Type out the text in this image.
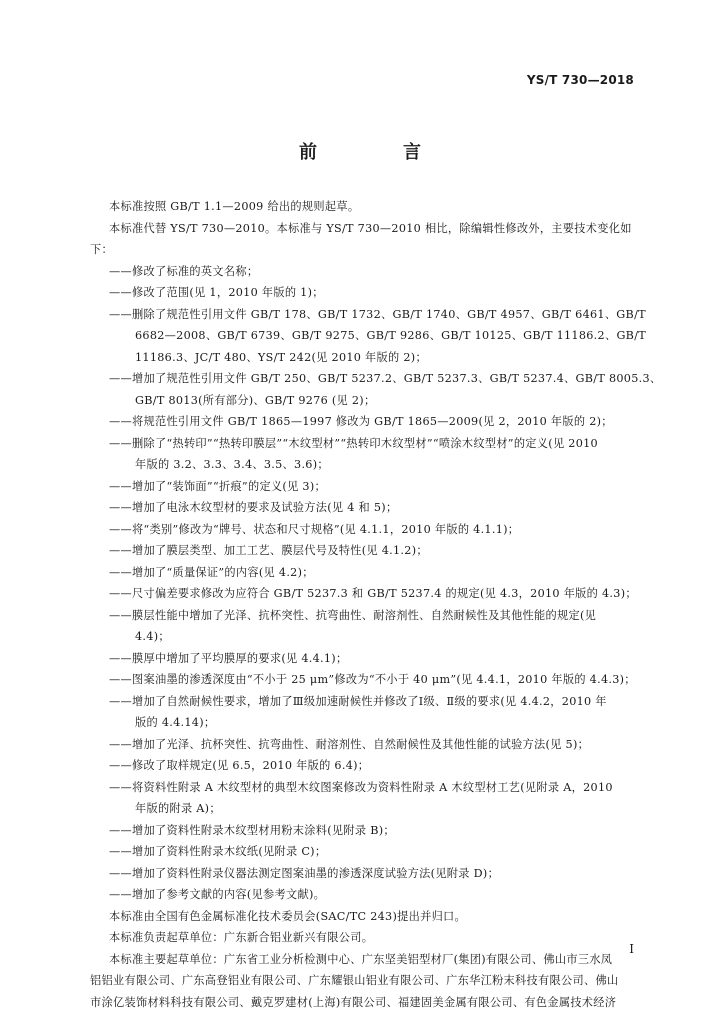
YS/T 730—2018
前　言
本标准按照 GB/T 1.1—2009 给出的规则起草。
本标准代替 YS/T 730—2010。本标准与 YS/T 730—2010 相比，除编辑性修改外，主要技术变化如
下：
——修改了标准的英文名称；
——修改了范围(见 1，2010 年版的 1)；
——删除了规范性引用文件 GB/T 178、GB/T 1732、GB/T 1740、GB/T 4957、GB/T 6461、GB/T
6682—2008、GB/T 6739、GB/T 9275、GB/T 9286、GB/T 10125、GB/T 11186.2、GB/T
11186.3、JC/T 480、YS/T 242(见 2010 年版的 2)；
——增加了规范性引用文件 GB/T 250、GB/T 5237.2、GB/T 5237.3、GB/T 5237.4、GB/T 8005.3、
GB/T 8013(所有部分)、GB/T 9276 (见 2)；
——将规范性引用文件 GB/T 1865—1997 修改为 GB/T 1865—2009(见 2，2010 年版的 2)；
——删除了“热转印”“热转印膜层”“木纹型材”“热转印木纹型材”“喷涂木纹型材”的定义(见 2010
年版的 3.2、3.3、3.4、3.5、3.6)；
——增加了“装饰面”“折痕”的定义(见 3)；
——增加了电泳木纹型材的要求及试验方法(见 4 和 5)；
——将“类别”修改为“牌号、状态和尺寸规格”(见 4.1.1，2010 年版的 4.1.1)；
——增加了膜层类型、加工工艺、膜层代号及特性(见 4.1.2)；
——增加了“质量保证”的内容(见 4.2)；
——尺寸偏差要求修改为应符合 GB/T 5237.3 和 GB/T 5237.4 的规定(见 4.3，2010 年版的 4.3)；
——膜层性能中增加了光泽、抗杯突性、抗弯曲性、耐溶剂性、自然耐候性及其他性能的规定(见
4.4)；
——膜厚中增加了平均膜厚的要求(见 4.4.1)；
——图案油墨的渗透深度由“不小于 25 μm”修改为“不小于 40 μm”(见 4.4.1，2010 年版的 4.4.3)；
——增加了自然耐候性要求，增加了Ⅲ级加速耐候性并修改了Ⅰ级、Ⅱ级的要求(见 4.4.2，2010 年
版的 4.4.14)；
——增加了光泽、抗杯突性、抗弯曲性、耐溶剂性、自然耐候性及其他性能的试验方法(见 5)；
——修改了取样规定(见 6.5，2010 年版的 6.4)；
——将资料性附录 A 木纹型材的典型木纹图案修改为资料性附录 A 木纹型材工艺(见附录 A，2010
年版的附录 A)；
——增加了资料性附录木纹型材用粉末涂料(见附录 B)；
——增加了资料性附录木纹纸(见附录 C)；
——增加了资料性附录仪器法测定图案油墨的渗透深度试验方法(见附录 D)；
——增加了参考文献的内容(见参考文献)。
本标准由全国有色金属标准化技术委员会(SAC/TC 243)提出并归口。
本标准负责起草单位：广东新合铝业新兴有限公司。
本标准主要起草单位：广东省工业分析检测中心、广东坚美铝型材厂(集团)有限公司、佛山市三水凤
铝铝业有限公司、广东高登铝业有限公司、广东耀银山铝业有限公司、广东华江粉末科技有限公司、佛山
市涂亿装饰材料科技有限公司、戴克罗建材(上海)有限公司、福建固美金属有限公司、有色金属技术经济
Ⅰ
